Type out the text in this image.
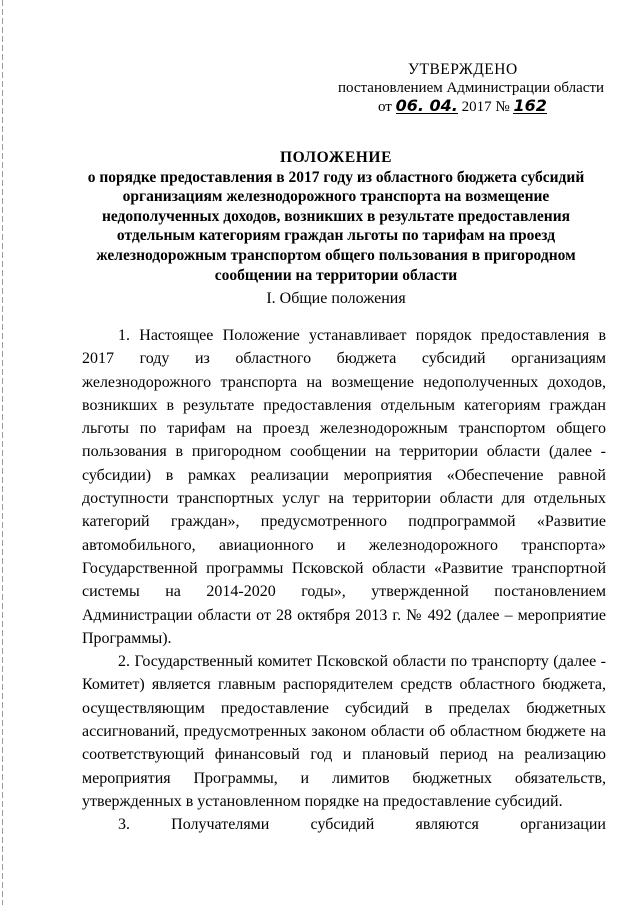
УТВЕРЖДЕНО
постановлением Администрации области
от 06. 04. 2017 № 162
ПОЛОЖЕНИЕ
о порядке предоставления в 2017 году из областного бюджета субсидий организациям железнодорожного транспорта на возмещение недополученных доходов, возникших в результате предоставления отдельным категориям граждан льготы по тарифам на проезд железнодорожным транспортом общего пользования в пригородном сообщении на территории области
I. Общие положения

1. Настоящее Положение устанавливает порядок предоставления в 2017 году из областного бюджета субсидий организациям железнодорожного транспорта на возмещение недополученных доходов, возникших в результате предоставления отдельным категориям граждан льготы по тарифам на проезд железнодорожным транспортом общего пользования в пригородном сообщении на территории области (далее - субсидии) в рамках реализации мероприятия «Обеспечение равной доступности транспортных услуг на территории области для отдельных категорий граждан», предусмотренного подпрограммой «Развитие автомобильного, авиационного и железнодорожного транспорта» Государственной программы Псковской области «Развитие транспортной системы на 2014-2020 годы», утвержденной постановлением Администрации области от 28 октября 2013 г. № 492 (далее – мероприятие Программы).

2. Государственный комитет Псковской области по транспорту (далее - Комитет) является главным распорядителем средств областного бюджета, осуществляющим предоставление субсидий в пределах бюджетных ассигнований, предусмотренных законом области об областном бюджете на соответствующий финансовый год и плановый период на реализацию мероприятия Программы, и лимитов бюджетных обязательств, утвержденных в установленном порядке на предоставление субсидий.

3. Получателями субсидий являются организации
